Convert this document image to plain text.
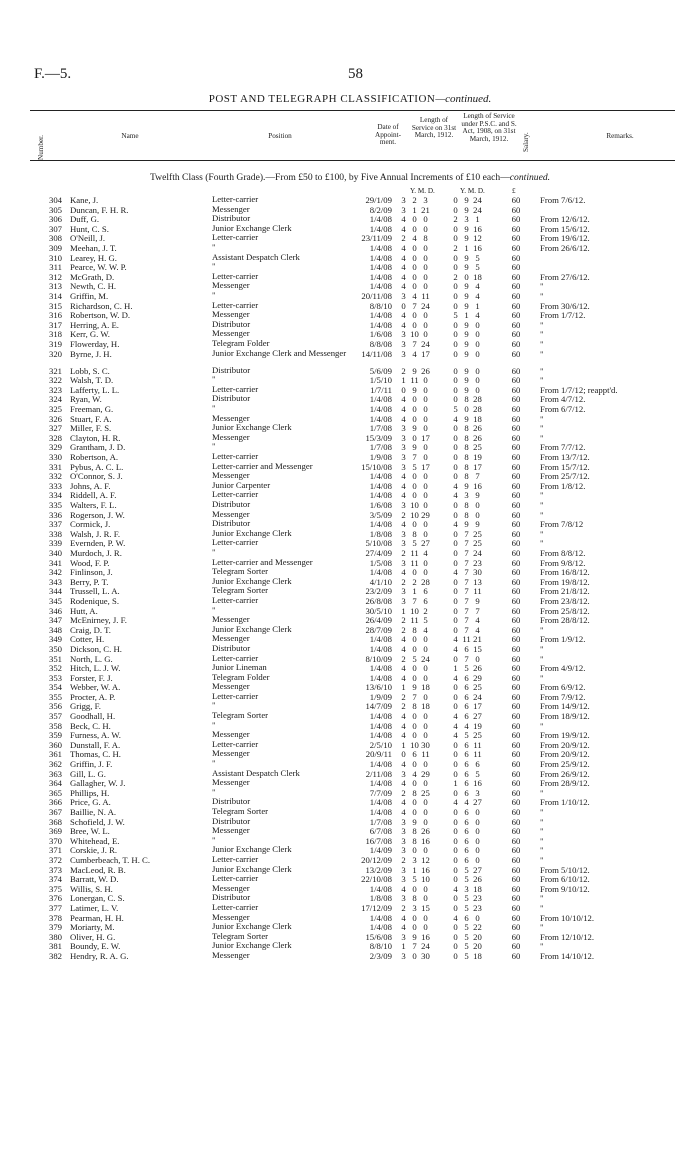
F.—5.	58
POST AND TELEGRAPH CLASSIFICATION—continued.
Number.	Name	Position
Date of Appoint-ment.
Length of Service on 31st March, 1912.
Length of Service under P.S.C. and S. Act, 1908, on 31st March, 1912.	Salary.	Remarks.
Twelfth Class (Fourth Grade).—From £50 to £100, by Five Annual Increments of £10 each—continued.
Y. M. D.	Y. M. D.	£
304 Kane, J.	Letter-carrier	29/1/09	3 2 3	0 9 24	60	From 7/6/12.
305 Duncan, F. H. R.	Messenger	8/2/09	3 1 21	0 9 24	60
306 Duff, G.	Distributor	1/4/08	4 0 0	2 3 1	60	From 12/6/12.
307 Hunt, C. S.	Junior Exchange Clerk	1/4/08	4 0 0	0 9 16	60	From 15/6/12.
308 O'Neill, J.	Letter-carrier	23/11/09	2 4 8	0 9 12	60	From 19/6/12.
309 Meehan, J. T.	"	1/4/08	4 0 0	2 1 16	60	From 26/6/12.
310 Learey, H. G.	Assistant Despatch Clerk	1/4/08	4 0 0	0 9 5	60
311 Pearce, W. W. P.	"	1/4/08	4 0 0	0 9 5	60
312 McGrath, D.	Letter-carrier	1/4/08	4 0 0	2 0 18	60	From 27/6/12.
313 Newth, C. H.	Messenger	1/4/08	4 0 0	0 9 4	60	"
314 Griffin, M.	"	20/11/08	3 4 11	0 9 4	60	"
315 Richardson, C. H.	Letter-carrier	8/8/10	0 7 24	0 9 1	60	From 30/6/12.
316 Robertson, W. D.	Messenger	1/4/08	4 0 0	5 1 4	60	From 1/7/12.
317 Herring, A. E.	Distributor	1/4/08	4 0 0	0 9 0	60	"
318 Kerr, G. W.	Messenger	1/6/08	3 10 0	0 9 0	60	"
319 Flowerday, H.	Telegram Folder	8/8/08	3 7 24	0 9 0	60	"
320 Byrne, J. H.	Junior Exchange Clerk and Messenger	14/11/08	3 4 17	0 9 0	60	"
321 Lobb, S. C.	Distributor	5/6/09	2 9 26	0 9 0	60	"
322 Walsh, T. D.	"	1/5/10	1 11 0	0 9 0	60	"
323 Lafferty, L. L.	Letter-carrier	1/7/11	0 9 0	0 9 0	60	From 1/7/12; reappt'd.
324 Ryan, W.	Distributor	1/4/08	4 0 0	0 8 28	60	From 4/7/12.
325 Freeman, G.	"	1/4/08	4 0 0	5 0 28	60	From 6/7/12.
326 Stuart, F. A.	Messenger	1/4/08	4 0 0	4 9 18	60	"
327 Miller, F. S.	Junior Exchange Clerk	1/7/08	3 9 0	0 8 26	60	"
328 Clayton, H. R.	Messenger	15/3/09	3 0 17	0 8 26	60	"
329 Grantham, J. D.	"	1/7/08	3 9 0	0 8 25	60	From 7/7/12.
330 Robertson, A.	Letter-carrier	1/9/08	3 7 0	0 8 19	60	From 13/7/12.
331 Pybus, A. C. L.	Letter-carrier and Messenger	15/10/08	3 5 17	0 8 17	60	From 15/7/12.
332 O'Connor, S. J.	Messenger	1/4/08	4 0 0	0 8 7	60	From 25/7/12.
333 Johns, A. F.	Junior Carpenter	1/4/08	4 0 0	4 9 16	60	From 1/8/12.
334 Riddell, A. F.	Letter-carrier	1/4/08	4 0 0	4 3 9	60	"
335 Walters, F. L.	Distributor	1/6/08	3 10 0	0 8 0	60	"
336 Rogerson, J. W.	Messenger	3/5/09	2 10 29	0 8 0	60	"
337 Cormick, J.	Distributor	1/4/08	4 0 0	4 9 9	60	From 7/8/12
338 Walsh, J. R. F.	Junior Exchange Clerk	1/8/08	3 8 0	0 7 25	60	"
339 Evernden, P. W.	Letter-carrier	5/10/08	3 5 27	0 7 25	60	"
340 Murdoch, J. R.	"	27/4/09	2 11 4	0 7 24	60	From 8/8/12.
341 Wood, F. P.	Letter-carrier and Messenger	1/5/08	3 11 0	0 7 23	60	From 9/8/12.
342 Finlinson, J.	Telegram Sorter	1/4/08	4 0 0	4 7 30	60	From 16/8/12.
343 Berry, P. T.	Junior Exchange Clerk	4/1/10	2 2 28	0 7 13	60	From 19/8/12.
344 Trussell, L. A.	Telegram Sorter	23/2/09	3 1 6	0 7 11	60	From 21/8/12.
345 Rodenique, S.	Letter-carrier	26/8/08	3 7 6	0 7 9	60	From 23/8/12.
346 Hutt, A.	"	30/5/10	1 10 2	0 7 7	60	From 25/8/12.
347 McEnirney, J. F.	Messenger	26/4/09	2 11 5	0 7 4	60	From 28/8/12.
348 Craig, D. T.	Junior Exchange Clerk	28/7/09	2 8 4	0 7 4	60	"
349 Cotter, H.	Messenger	1/4/08	4 0 0	4 11 21	60	From 1/9/12.
350 Dickson, C. H.	Distributor	1/4/08	4 0 0	4 6 15	60	"
351 North, L. G.	Letter-carrier	8/10/09	2 5 24	0 7 0	60	"
352 Hitch, L. J. W.	Junior Lineman	1/4/08	4 0 0	1 5 26	60	From 4/9/12.
353 Forster, F. J.	Telegram Folder	1/4/08	4 0 0	4 6 29	60	"
354 Webber, W. A.	Messenger	13/6/10	1 9 18	0 6 25	60	From 6/9/12.
355 Procter, A. P.	Letter-carrier	1/9/09	2 7 0	0 6 24	60	From 7/9/12.
356 Grigg, F.	"	14/7/09	2 8 18	0 6 17	60	From 14/9/12.
357 Goodhall, H.	Telegram Sorter	1/4/08	4 0 0	4 6 27	60	From 18/9/12.
358 Beck, C. H.	"	1/4/08	4 0 0	4 4 19	60	"
359 Furness, A. W.	Messenger	1/4/08	4 0 0	4 5 25	60	From 19/9/12.
360 Dunstall, F. A.	Letter-carrier	2/5/10	1 10 30	0 6 11	60	From 20/9/12.
361 Thomas, C. H.	Messenger	20/9/11	0 6 11	0 6 11	60	From 20/9/12.
362 Griffin, J. F.	"	1/4/08	4 0 0	0 6 6	60	From 25/9/12.
363 Gill, L. G.	Assistant Despatch Clerk	2/11/08	3 4 29	0 6 5	60	From 26/9/12.
364 Gallagher, W. J.	Messenger	1/4/08	4 0 0	1 6 16	60	From 28/9/12.
365 Phillips, H.	"	7/7/09	2 8 25	0 6 3	60	"
366 Price, G. A.	Distributor	1/4/08	4 0 0	4 4 27	60	From 1/10/12.
367 Baillie, N. A.	Telegram Sorter	1/4/08	4 0 0	0 6 0	60	"
368 Schofield, J. W.	Distributor	1/7/08	3 9 0	0 6 0	60	"
369 Bree, W. L.	Messenger	6/7/08	3 8 26	0 6 0	60	"
370 Whitehead, E.	"	16/7/08	3 8 16	0 6 0	60	"
371 Corskie, J. R.	Junior Exchange Clerk	1/4/09	3 0 0	0 6 0	60	"
372 Cumberbeach, T. H. C.	Letter-carrier	20/12/09	2 3 12	0 6 0	60	"
373 MacLeod, R. B.	Junior Exchange Clerk	13/2/09	3 1 16	0 5 27	60	From 5/10/12.
374 Barratt, W. D.	Letter-carrier	22/10/08	3 5 10	0 5 26	60	From 6/10/12.
375 Willis, S. H.	Messenger	1/4/08	4 0 0	4 3 18	60	From 9/10/12.
376 Lonergan, C. S.	Distributor	1/8/08	3 8 0	0 5 23	60	"
377 Latimer, L. V.	Letter-carrier	17/12/09	2 3 15	0 5 23	60	"
378 Pearman, H. H.	Messenger	1/4/08	4 0 0	4 6 0	60	From 10/10/12.
379 Moriarty, M.	Junior Exchange Clerk	1/4/08	4 0 0	0 5 22	60	"
380 Oliver, H. G.	Telegram Sorter	15/6/08	3 9 16	0 5 20	60	From 12/10/12.
381 Boundy, E. W.	Junior Exchange Clerk	8/8/10	1 7 24	0 5 20	60	"
382 Hendry, R. A. G.	Messenger	2/3/09	3 0 30	0 5 18	60	From 14/10/12.
